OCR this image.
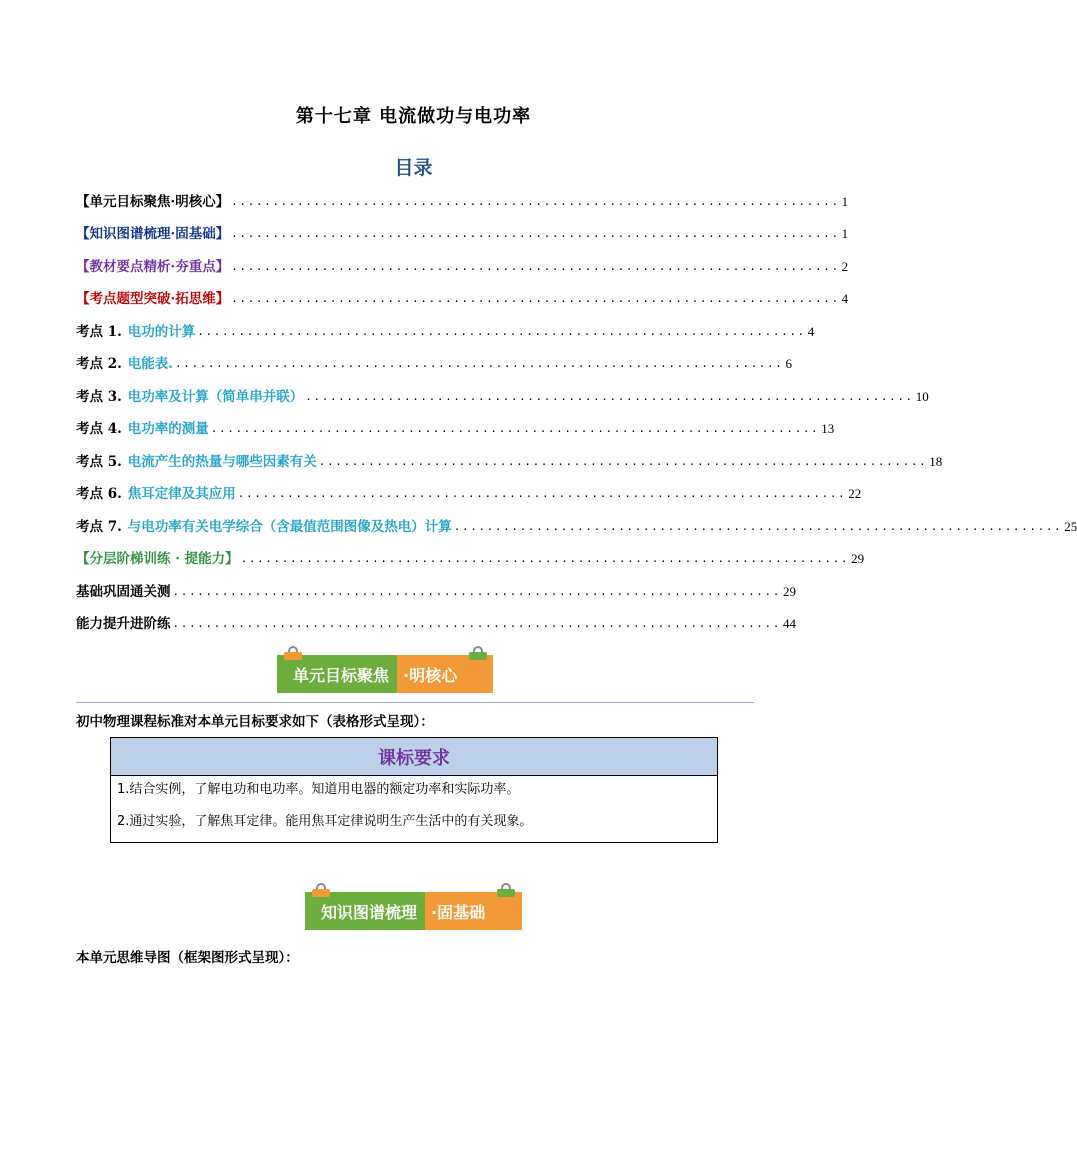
第十七章 电流做功与电功率
目录
【单元目标聚焦·明核心】 .......................................................................... 1
【知识图谱梳理·固基础】 .......................................................................... 1
【教材要点精析·夯重点】 .......................................................................... 2
【考点题型突破·拓思维】 .......................................................................... 4
考点 1. 电功的计算 .......................................................................... 4
考点 2. 电能表. .......................................................................... 6
考点 3. 电功率及计算（简单串并联） .......................................................................... 10
考点 4. 电功率的测量 .......................................................................... 13
考点 5. 电流产生的热量与哪些因素有关 .......................................................................... 18
考点 6. 焦耳定律及其应用 .......................................................................... 22
考点 7. 与电功率有关电学综合（含最值范围图像及热电）计算 .......................................................................... 25
【分层阶梯训练 · 提能力】 .......................................................................... 29
基础巩固通关测 .......................................................................... 29
能力提升进阶练 .......................................................................... 44
单元目标聚焦 ·明核心
初中物理课程标准对本单元目标要求如下（表格形式呈现）：
课标要求
1.结合实例，了解电功和电功率。知道用电器的额定功率和实际功率。
2.通过实验，了解焦耳定律。能用焦耳定律说明生产生活中的有关现象。
知识图谱梳理 ·固基础
本单元思维导图（框架图形式呈现）：
